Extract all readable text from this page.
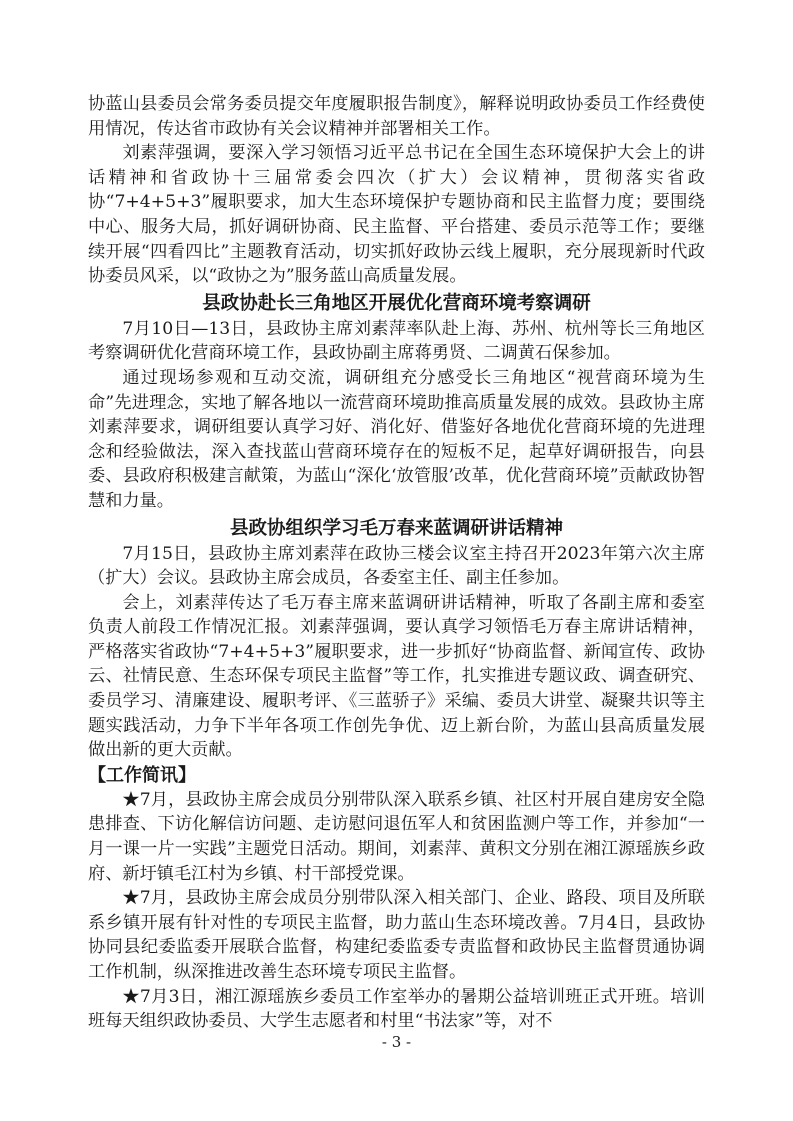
协蓝山县委员会常务委员提交年度履职报告制度》，解释说明政协委员工作经费使用情况，传达省市政协有关会议精神并部署相关工作。

刘素萍强调，要深入学习领悟习近平总书记在全国生态环境保护大会上的讲话精神和省政协十三届常委会四次（扩大）会议精神，贯彻落实省政协“7+4+5+3”履职要求，加大生态环境保护专题协商和民主监督力度；要围绕中心、服务大局，抓好调研协商、民主监督、平台搭建、委员示范等工作；要继续开展“四看四比”主题教育活动，切实抓好政协云线上履职，充分展现新时代政协委员风采，以“政协之为”服务蓝山高质量发展。

县政协赴长三角地区开展优化营商环境考察调研

7月10日—13日，县政协主席刘素萍率队赴上海、苏州、杭州等长三角地区考察调研优化营商环境工作，县政协副主席蒋勇贤、二调黄石保参加。

通过现场参观和互动交流，调研组充分感受长三角地区“视营商环境为生命”先进理念，实地了解各地以一流营商环境助推高质量发展的成效。县政协主席刘素萍要求，调研组要认真学习好、消化好、借鉴好各地优化营商环境的先进理念和经验做法，深入查找蓝山营商环境存在的短板不足，起草好调研报告，向县委、县政府积极建言献策，为蓝山“深化‘放管服’改革，优化营商环境”贡献政协智慧和力量。

县政协组织学习毛万春来蓝调研讲话精神

7月15日，县政协主席刘素萍在政协三楼会议室主持召开2023年第六次主席（扩大）会议。县政协主席会成员，各委室主任、副主任参加。

会上，刘素萍传达了毛万春主席来蓝调研讲话精神，听取了各副主席和委室负责人前段工作情况汇报。刘素萍强调，要认真学习领悟毛万春主席讲话精神，严格落实省政协“7+4+5+3”履职要求，进一步抓好“协商监督、新闻宣传、政协云、社情民意、生态环保专项民主监督”等工作，扎实推进专题议政、调查研究、委员学习、清廉建设、履职考评、《三蓝骄子》采编、委员大讲堂、凝聚共识等主题实践活动，力争下半年各项工作创先争优、迈上新台阶，为蓝山县高质量发展做出新的更大贡献。

【工作简讯】

★7月，县政协主席会成员分别带队深入联系乡镇、社区村开展自建房安全隐患排查、下访化解信访问题、走访慰问退伍军人和贫困监测户等工作，并参加“一月一课一片一实践”主题党日活动。期间，刘素萍、黄积文分别在湘江源瑶族乡政府、新圩镇毛江村为乡镇、村干部授党课。

★7月，县政协主席会成员分别带队深入相关部门、企业、路段、项目及所联系乡镇开展有针对性的专项民主监督，助力蓝山生态环境改善。7月4日，县政协协同县纪委监委开展联合监督，构建纪委监委专责监督和政协民主监督贯通协调工作机制，纵深推进改善生态环境专项民主监督。

★7月3日，湘江源瑶族乡委员工作室举办的暑期公益培训班正式开班。培训班每天组织政协委员、大学生志愿者和村里“书法家”等，对不

- 3 -
